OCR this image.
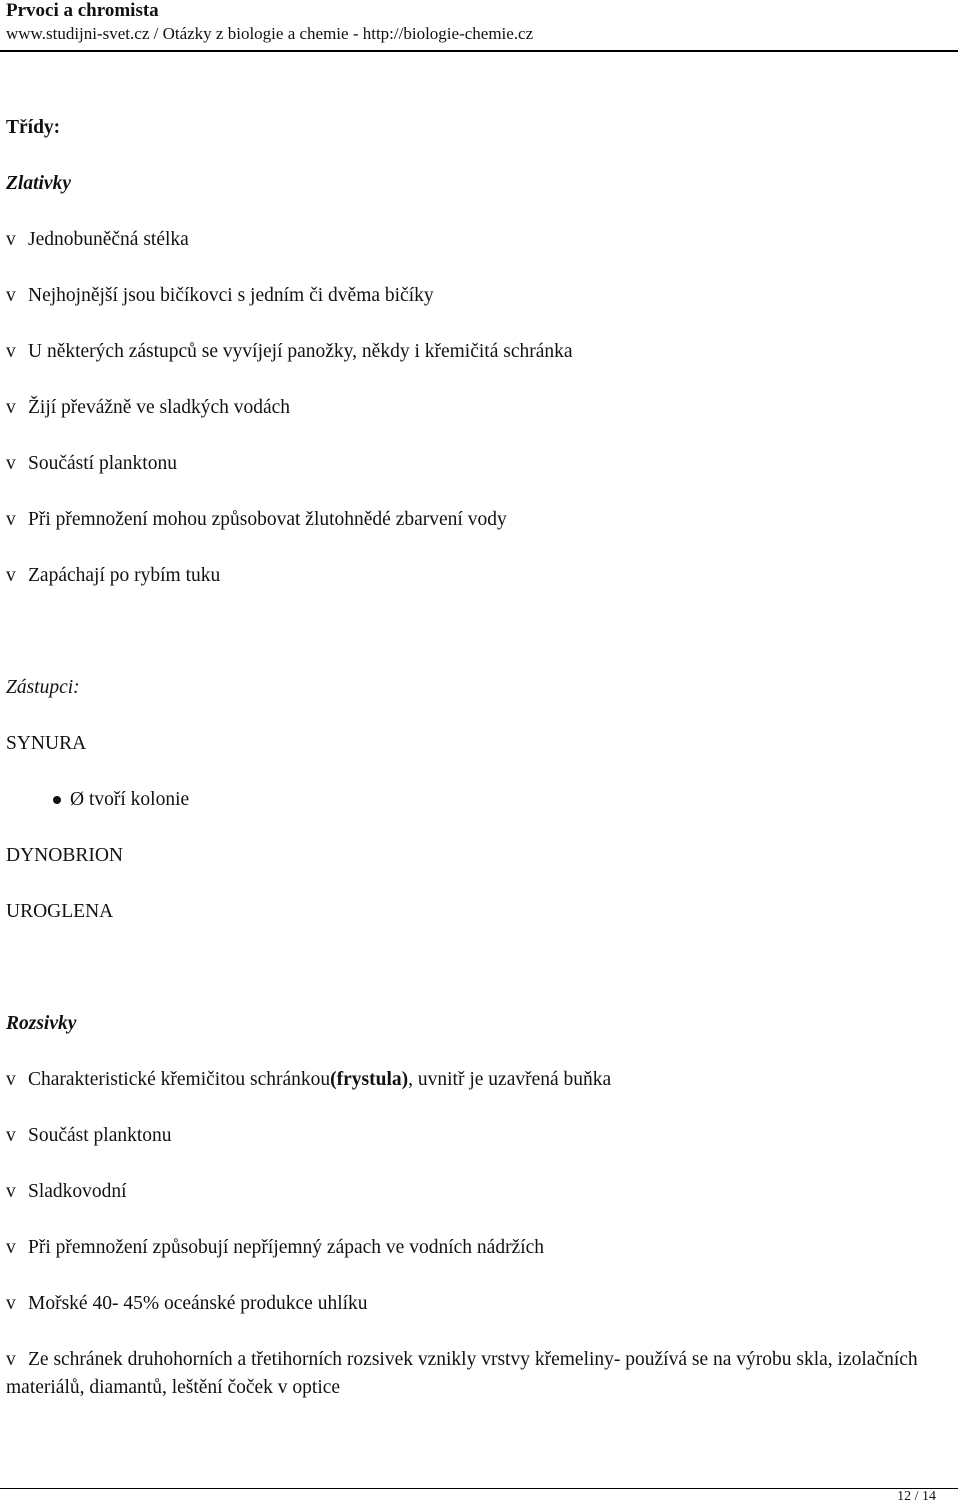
Prvoci a chromista
www.studijni-svet.cz / Otázky z biologie a chemie - http://biologie-chemie.cz
Třídy:
Zlativky
v Jednobuněčná stélka
v Nejhojnější jsou bičíkovci s jedním či dvěma bičíky
v U některých zástupců se vyvíjejí panožky, někdy i křemičitá schránka
v Žijí převážně ve sladkých vodách
v Součástí planktonu
v Při přemnožení mohou způsobovat žlutohnědé zbarvení vody
v Zapáchají po rybím tuku
Zástupci:
SYNURA
Ø tvoří kolonie
DYNOBRION
UROGLENA
Rozsivky
v Charakteristické křemičitou schránkou(frystula), uvnitř je uzavřená buňka
v Součást planktonu
v Sladkovodní
v Při přemnožení způsobují nepříjemný zápach ve vodních nádržích
v Mořské 40- 45% oceánské produkce uhlíku
v Ze schránek druhohorních a třetihorních rozsivek vznikly vrstvy křemeliny- používá se na výrobu skla, izolačních materiálů, diamantů, leštění čoček v optice
12 / 14
